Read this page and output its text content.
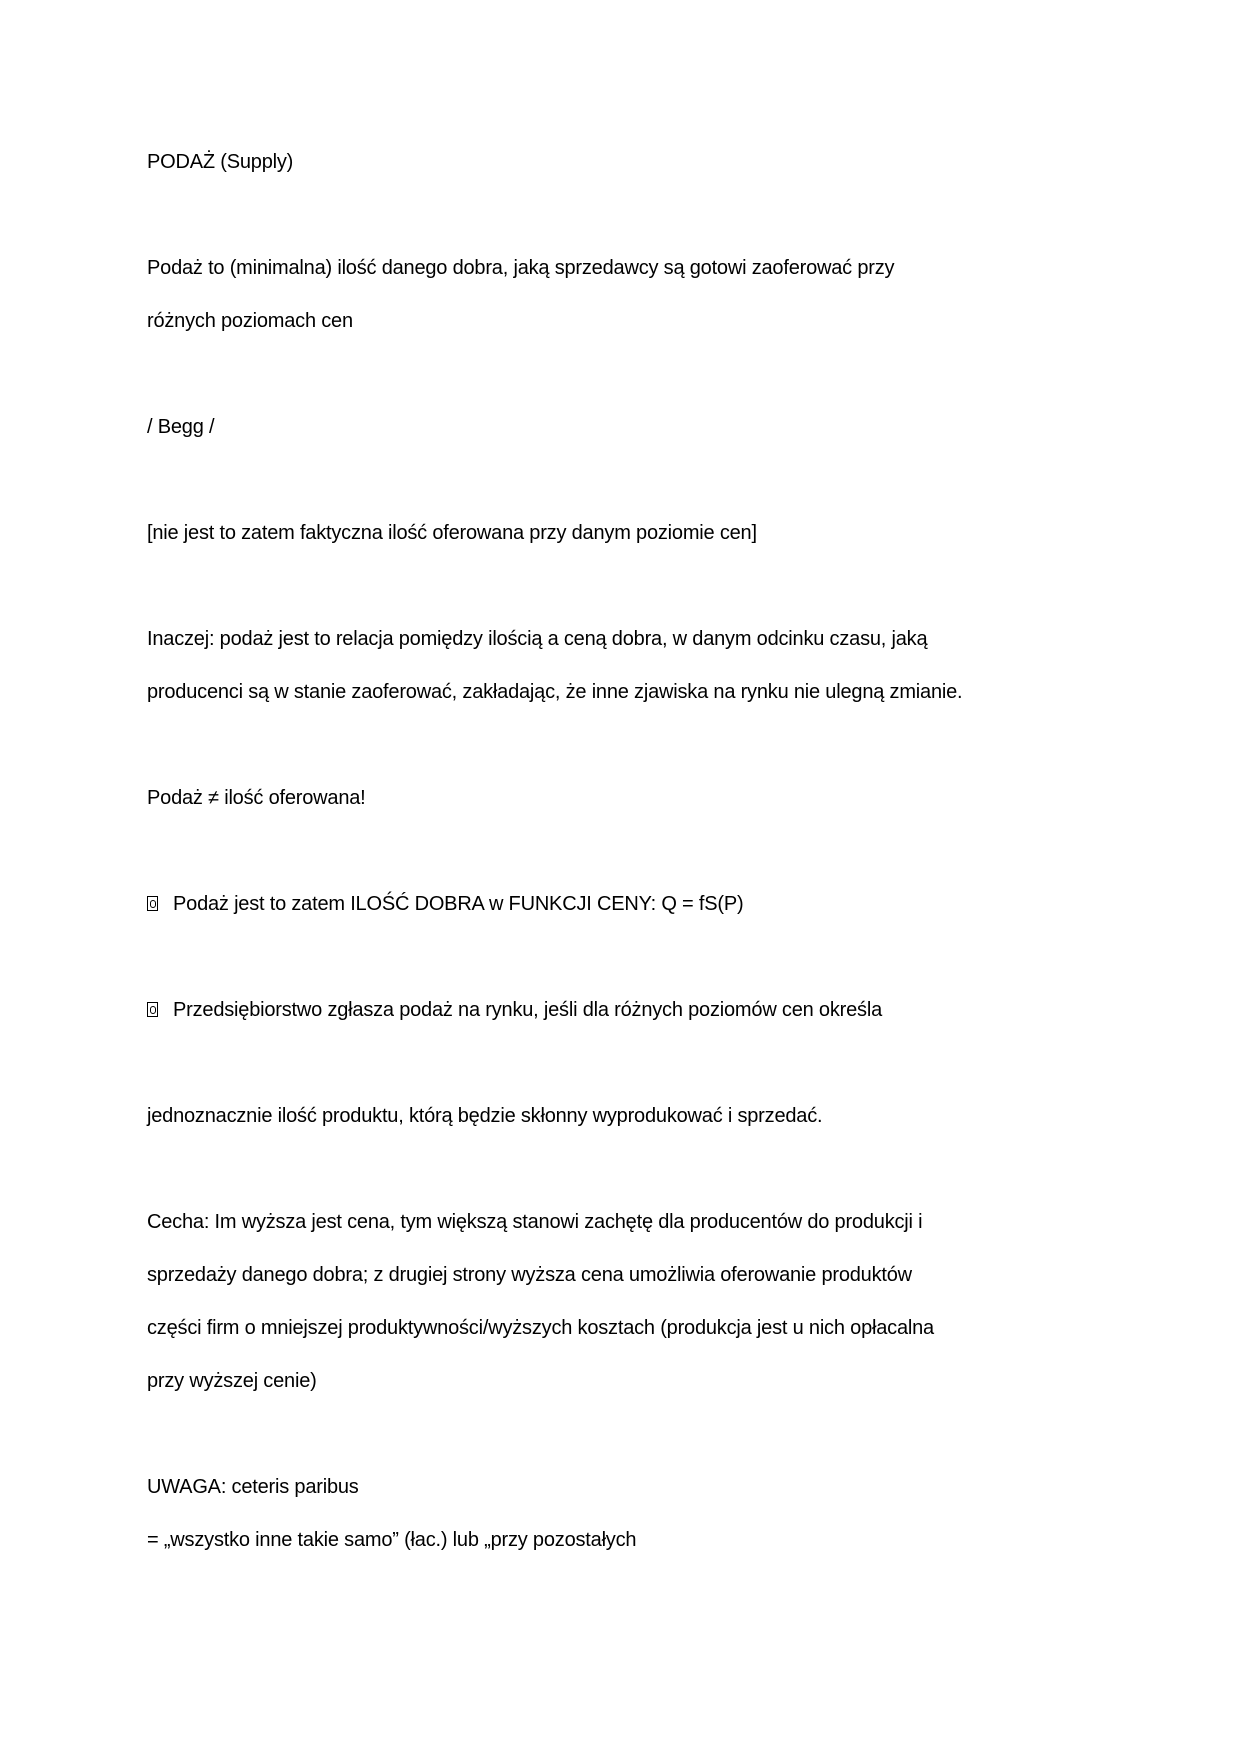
PODAŻ (Supply)
Podaż to (minimalna) ilość danego dobra, jaką sprzedawcy są gotowi zaoferować przy
różnych poziomach cen
/ Begg /
[nie jest to zatem faktyczna ilość oferowana przy danym poziomie cen]
Inaczej: podaż jest to relacja pomiędzy ilością a ceną dobra, w danym odcinku czasu, jaką
producenci są w stanie zaoferować, zakładając, że inne zjawiska na rynku nie ulegną zmianie.
Podaż ≠ ilość oferowana!
Podaż jest to zatem ILOŚĆ DOBRA w FUNKCJI CENY: Q = fS(P)
Przedsiębiorstwo zgłasza podaż na rynku, jeśli dla różnych poziomów cen określa
jednoznacznie ilość produktu, którą będzie skłonny wyprodukować i sprzedać.
Cecha: Im wyższa jest cena, tym większą stanowi zachętę dla producentów do produkcji i
sprzedaży danego dobra; z drugiej strony wyższa cena umożliwia oferowanie produktów
części firm o mniejszej produktywności/wyższych kosztach (produkcja jest u nich opłacalna
przy wyższej cenie)
UWAGA: ceteris paribus
= „wszystko inne takie samo” (łac.) lub „przy pozostałych
